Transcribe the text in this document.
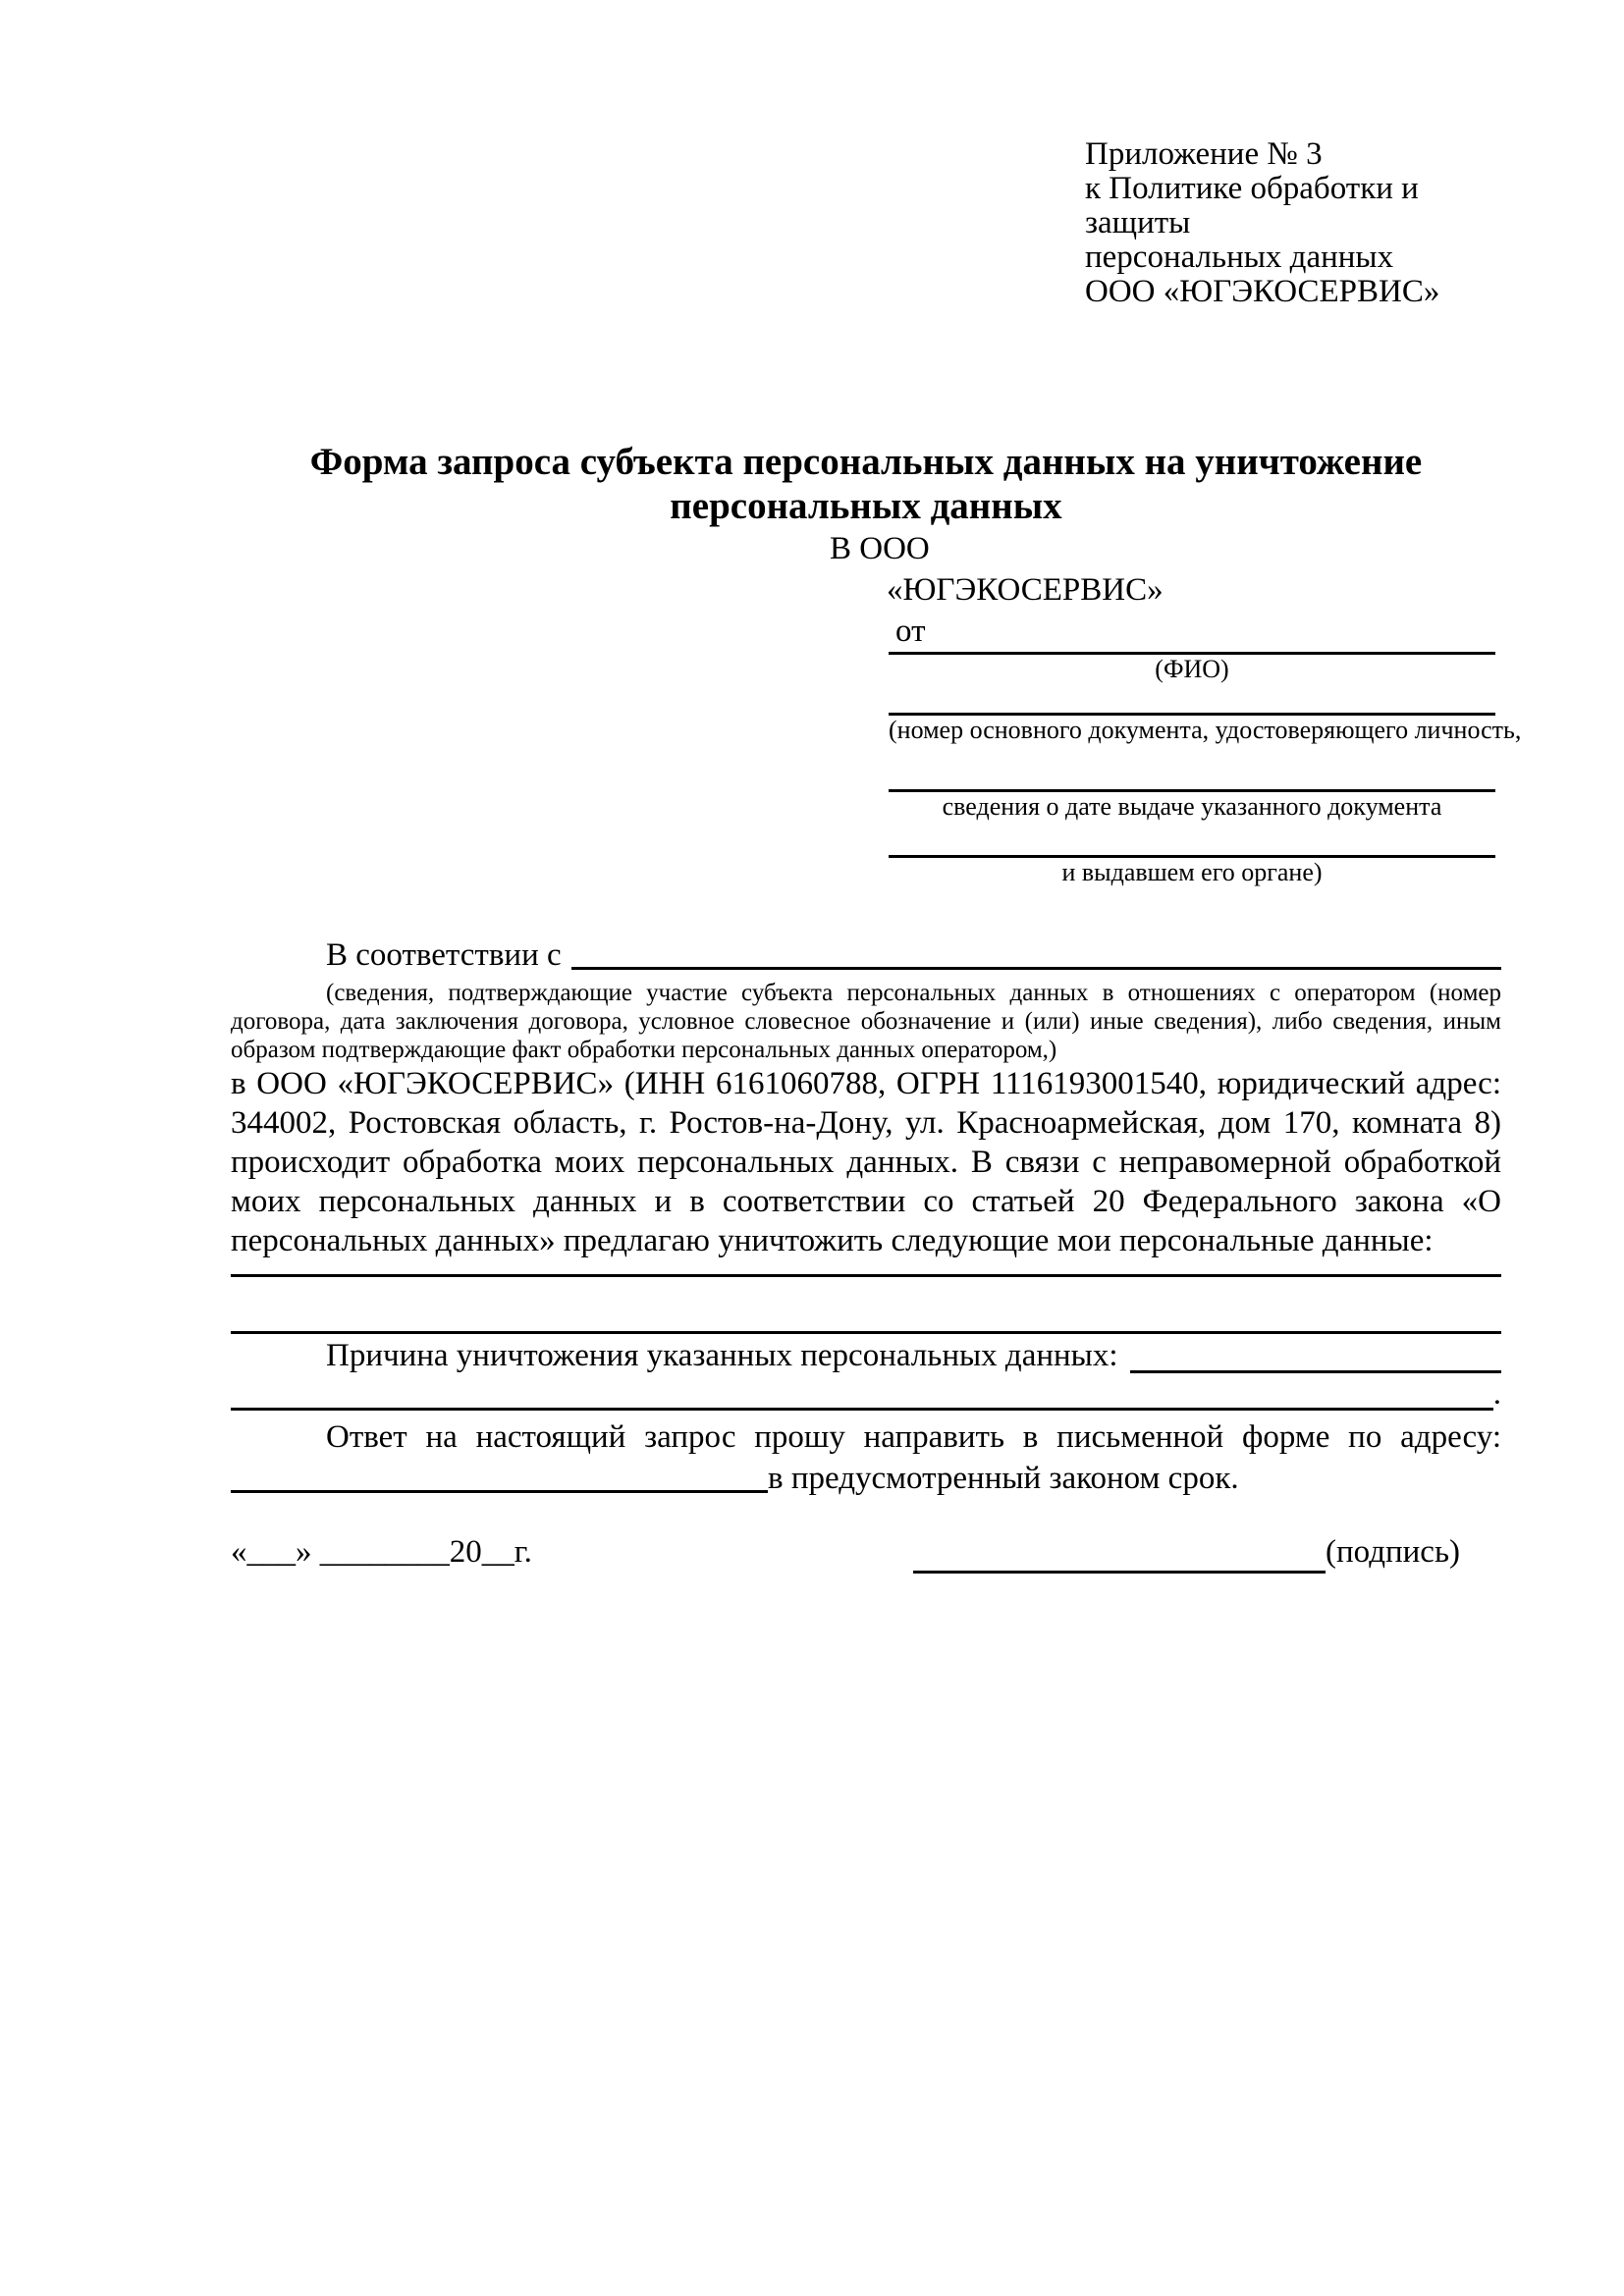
Приложение № 3
к Политике обработки и защиты
персональных данных
ООО «ЮГЭКОСЕРВИС»
Форма запроса субъекта персональных данных на уничтожение персональных данных
В ООО
«ЮГЭКОСЕРВИС»
от
(ФИО)
(номер основного документа, удостоверяющего личность,
сведения о дате выдаче указанного документа
и выдавшем его органе)
В соответствии с

(сведения, подтверждающие участие субъекта персональных данных в отношениях с оператором (номер договора, дата заключения договора, условное словесное обозначение и (или) иные сведения), либо сведения, иным образом подтверждающие факт обработки персональных данных оператором,)

в ООО «ЮГЭКОСЕРВИС» (ИНН 6161060788, ОГРН 1116193001540, юридический адрес: 344002, Ростовская область, г. Ростов-на-Дону, ул. Красноармейская, дом 170, комната 8) происходит обработка моих персональных данных. В связи с неправомерной обработкой моих персональных данных и в соответствии со статьей 20 Федерального закона «О персональных данных» предлагаю уничтожить следующие мои персональные данные:

Причина уничтожения указанных персональных данных:
.

Ответ на настоящий запрос прошу направить в письменной форме по адресу:

в предусмотренный законом срок.
«___» ________20__г.	(подпись)
